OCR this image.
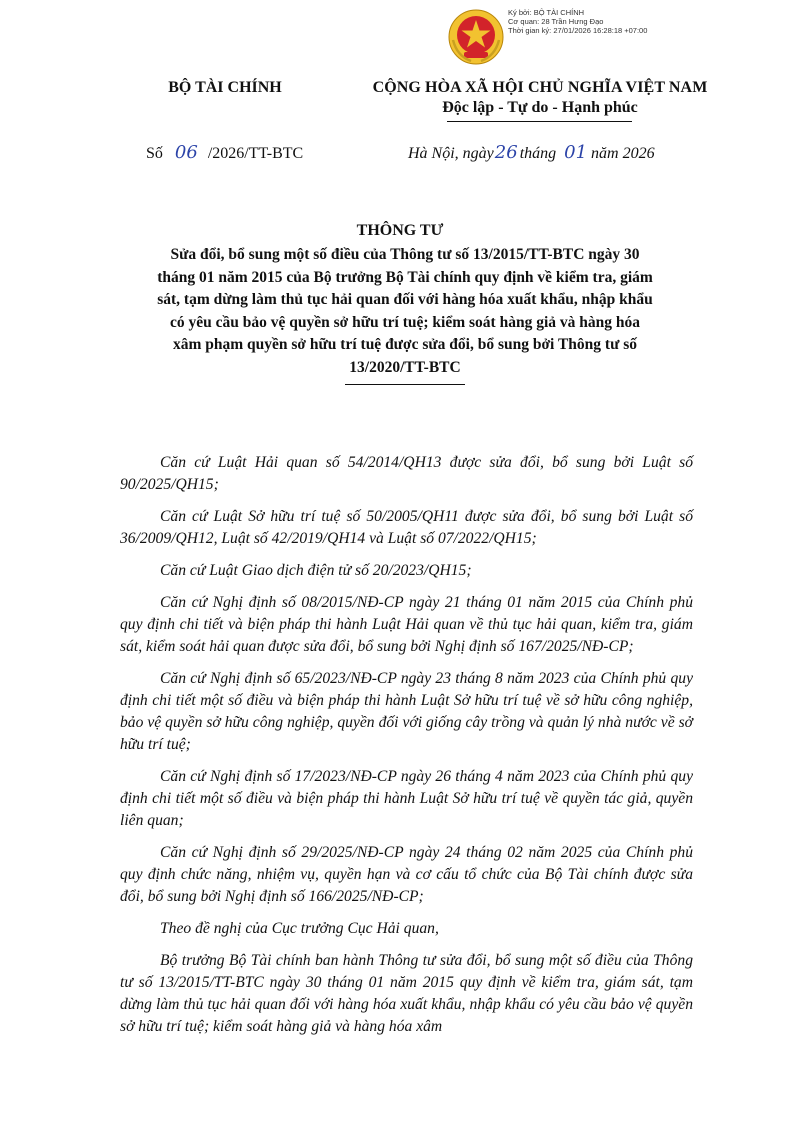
Ký bởi: BỘ TÀI CHÍNH
Cơ quan: 28 Trần Hưng Đạo
Thời gian ký: 27/01/2026 16:28:18 +07:00
BỘ TÀI CHÍNH	CỘNG HÒA XÃ HỘI CHỦ NGHĨA VIỆT NAM
Độc lập - Tự do - Hạnh phúc
Số 06 /2026/TT-BTC	Hà Nội, ngày26 tháng 01 năm 2026
THÔNG TƯ
Sửa đổi, bổ sung một số điều của Thông tư số 13/2015/TT-BTC ngày 30
tháng 01 năm 2015 của Bộ trưởng Bộ Tài chính quy định về kiểm tra, giám
sát, tạm dừng làm thủ tục hải quan đối với hàng hóa xuất khẩu, nhập khẩu
có yêu cầu bảo vệ quyền sở hữu trí tuệ; kiểm soát hàng giả và hàng hóa
xâm phạm quyền sở hữu trí tuệ được sửa đổi, bổ sung bởi Thông tư số
13/2020/TT-BTC

Căn cứ Luật Hải quan số 54/2014/QH13 được sửa đổi, bổ sung bởi Luật số 90/2025/QH15;

Căn cứ Luật Sở hữu trí tuệ số 50/2005/QH11 được sửa đổi, bổ sung bởi Luật số 36/2009/QH12, Luật số 42/2019/QH14 và Luật số 07/2022/QH15;

Căn cứ Luật Giao dịch điện tử số 20/2023/QH15;

Căn cứ Nghị định số 08/2015/NĐ-CP ngày 21 tháng 01 năm 2015 của Chính phủ quy định chi tiết và biện pháp thi hành Luật Hải quan về thủ tục hải quan, kiểm tra, giám sát, kiểm soát hải quan được sửa đổi, bổ sung bởi Nghị định số 167/2025/NĐ-CP;

Căn cứ Nghị định số 65/2023/NĐ-CP ngày 23 tháng 8 năm 2023 của Chính phủ quy định chi tiết một số điều và biện pháp thi hành Luật Sở hữu trí tuệ về sở hữu công nghiệp, bảo vệ quyền sở hữu công nghiệp, quyền đối với giống cây trồng và quản lý nhà nước về sở hữu trí tuệ;

Căn cứ Nghị định số 17/2023/NĐ-CP ngày 26 tháng 4 năm 2023 của Chính phủ quy định chi tiết một số điều và biện pháp thi hành Luật Sở hữu trí tuệ về quyền tác giả, quyền liên quan;

Căn cứ Nghị định số 29/2025/NĐ-CP ngày 24 tháng 02 năm 2025 của Chính phủ quy định chức năng, nhiệm vụ, quyền hạn và cơ cấu tổ chức của Bộ Tài chính được sửa đổi, bổ sung bởi Nghị định số 166/2025/NĐ-CP;

Theo đề nghị của Cục trưởng Cục Hải quan,

Bộ trưởng Bộ Tài chính ban hành Thông tư sửa đổi, bổ sung một số điều của Thông tư số 13/2015/TT-BTC ngày 30 tháng 01 năm 2015 quy định về kiểm tra, giám sát, tạm dừng làm thủ tục hải quan đối với hàng hóa xuất khẩu, nhập khẩu có yêu cầu bảo vệ quyền sở hữu trí tuệ; kiểm soát hàng giả và hàng hóa xâm
